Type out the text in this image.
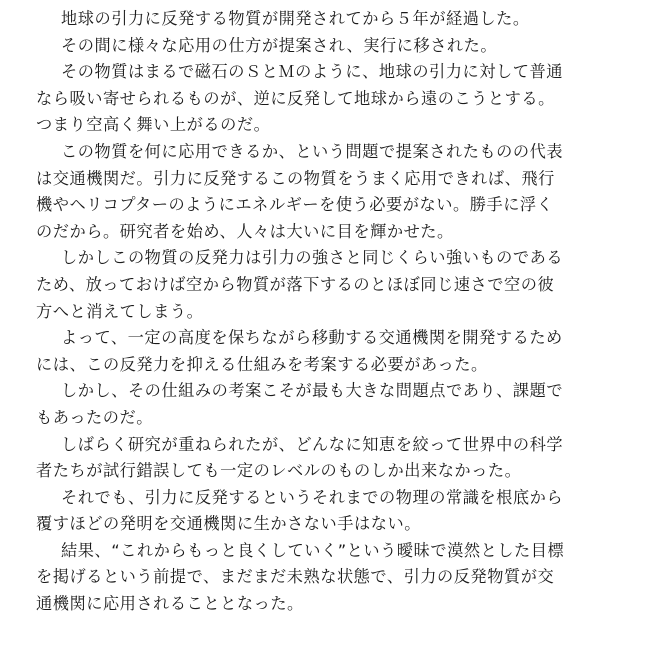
地球の引力に反発する物質が開発されてから５年が経過した。
その間に様々な応用の仕方が提案され、実行に移された。
その物質はまるで磁石のＳとＭのように、地球の引力に対して普通
なら吸い寄せられるものが、逆に反発して地球から遠のこうとする。
つまり空高く舞い上がるのだ。
この物質を何に応用できるか、という問題で提案されたものの代表
は交通機関だ。引力に反発するこの物質をうまく応用できれば、飛行
機やヘリコプターのようにエネルギーを使う必要がない。勝手に浮く
のだから。研究者を始め、人々は大いに目を輝かせた。
しかしこの物質の反発力は引力の強さと同じくらい強いものである
ため、放っておけば空から物質が落下するのとほぼ同じ速さで空の彼
方へと消えてしまう。
よって、一定の高度を保ちながら移動する交通機関を開発するため
には、この反発力を抑える仕組みを考案する必要があった。
しかし、その仕組みの考案こそが最も大きな問題点であり、課題で
もあったのだ。
しばらく研究が重ねられたが、どんなに知恵を絞って世界中の科学
者たちが試行錯誤しても一定のレベルのものしか出来なかった。
それでも、引力に反発するというそれまでの物理の常識を根底から
覆すほどの発明を交通機関に生かさない手はない。
結果、“これからもっと良くしていく”という曖昧で漠然とした目標
を掲げるという前提で、まだまだ未熟な状態で、引力の反発物質が交
通機関に応用されることとなった。
